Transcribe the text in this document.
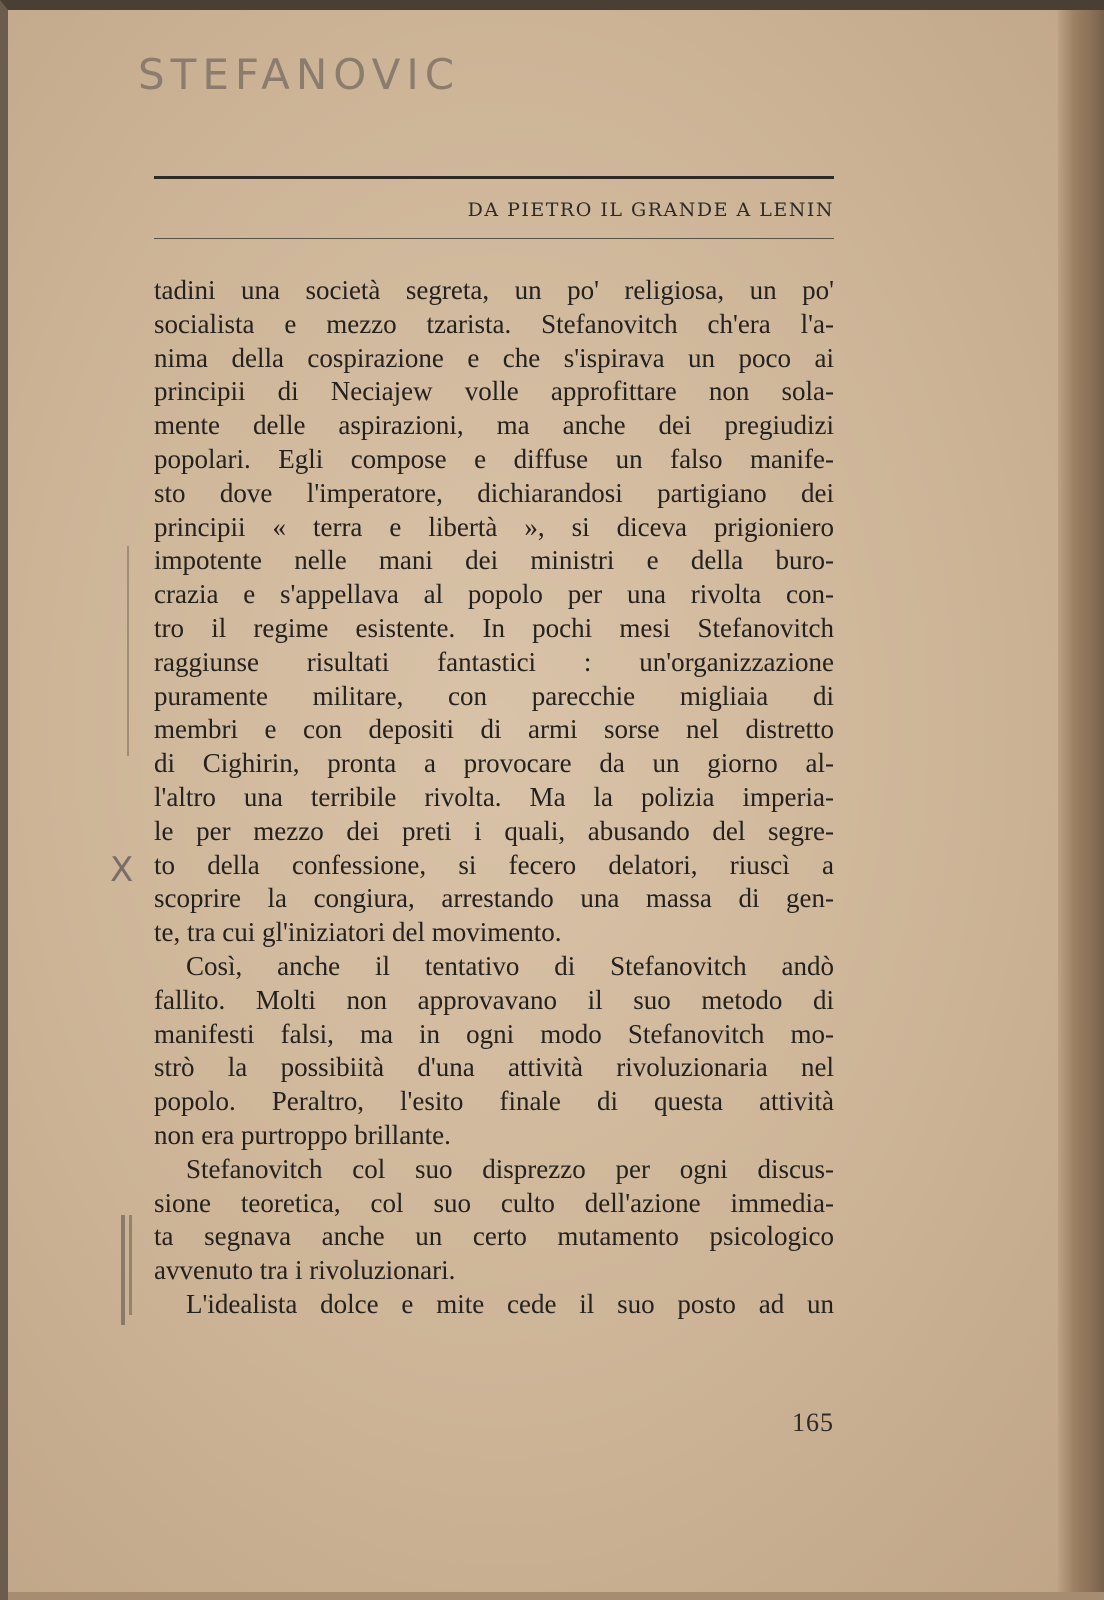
STEFANOVIC
DA PIETRO IL GRANDE A LENIN
tadini una società segreta, un po' religiosa, un po'
socialista e mezzo tzarista. Stefanovitch ch'era l'a-
nima della cospirazione e che s'ispirava un poco ai
principii di Neciajew volle approfittare non sola-
mente delle aspirazioni, ma anche dei pregiudizi
popolari. Egli compose e diffuse un falso manife-
sto dove l'imperatore, dichiarandosi partigiano dei
principii « terra e libertà », si diceva prigioniero
impotente nelle mani dei ministri e della buro-
crazia e s'appellava al popolo per una rivolta con-
tro il regime esistente. In pochi mesi Stefanovitch
raggiunse risultati fantastici : un'organizzazione
puramente militare, con parecchie migliaia di
membri e con depositi di armi sorse nel distretto
di Cighirin, pronta a provocare da un giorno al-
l'altro una terribile rivolta. Ma la polizia imperia-
le per mezzo dei preti i quali, abusando del segre-
to della confessione, si fecero delatori, riuscì a
scoprire la congiura, arrestando una massa di gen-
te, tra cui gl'iniziatori del movimento.
Così, anche il tentativo di Stefanovitch andò
fallito. Molti non approvavano il suo metodo di
manifesti falsi, ma in ogni modo Stefanovitch mo-
strò la possibiità d'una attività rivoluzionaria nel
popolo. Peraltro, l'esito finale di questa attività
non era purtroppo brillante.
Stefanovitch col suo disprezzo per ogni discus-
sione teoretica, col suo culto dell'azione immedia-
ta segnava anche un certo mutamento psicologico
avvenuto tra i rivoluzionari.
L'idealista dolce e mite cede il suo posto ad un
165
X
